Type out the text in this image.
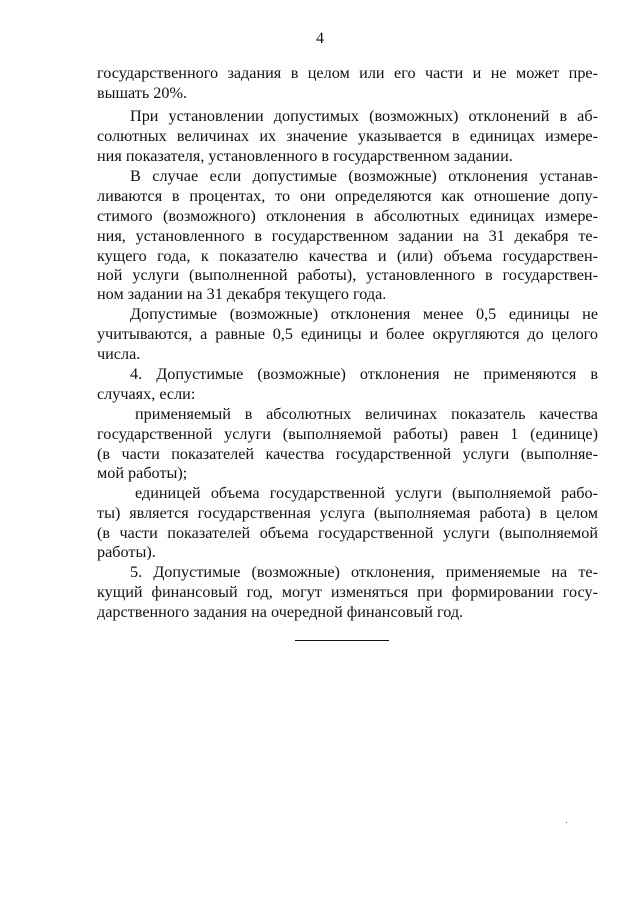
4
государственного задания в целом или его части и не может пре-
вышать 20%.
При установлении допустимых (возможных) отклонений в аб-
солютных величинах их значение указывается в единицах измере-
ния показателя, установленного в государственном задании.
В случае если допустимые (возможные) отклонения устанав-
ливаются в процентах, то они определяются как отношение допу-
стимого (возможного) отклонения в абсолютных единицах измере-
ния, установленного в государственном задании на 31 декабря те-
кущего года, к показателю качества и (или) объема государствен-
ной услуги (выполненной работы), установленного в государствен-
ном задании на 31 декабря текущего года.
Допустимые (возможные) отклонения менее 0,5 единицы не
учитываются, а равные 0,5 единицы и более округляются до целого
числа.
4. Допустимые (возможные) отклонения не применяются в
случаях, если:
применяемый в абсолютных величинах показатель качества
государственной услуги (выполняемой работы) равен 1 (единице)
(в части показателей качества государственной услуги (выполняе-
мой работы);
единицей объема государственной услуги (выполняемой рабо-
ты) является государственная услуга (выполняемая работа) в целом
(в части показателей объема государственной услуги (выполняемой
работы).
5. Допустимые (возможные) отклонения, применяемые на те-
кущий финансовый год, могут изменяться при формировании госу-
дарственного задания на очередной финансовый год.
